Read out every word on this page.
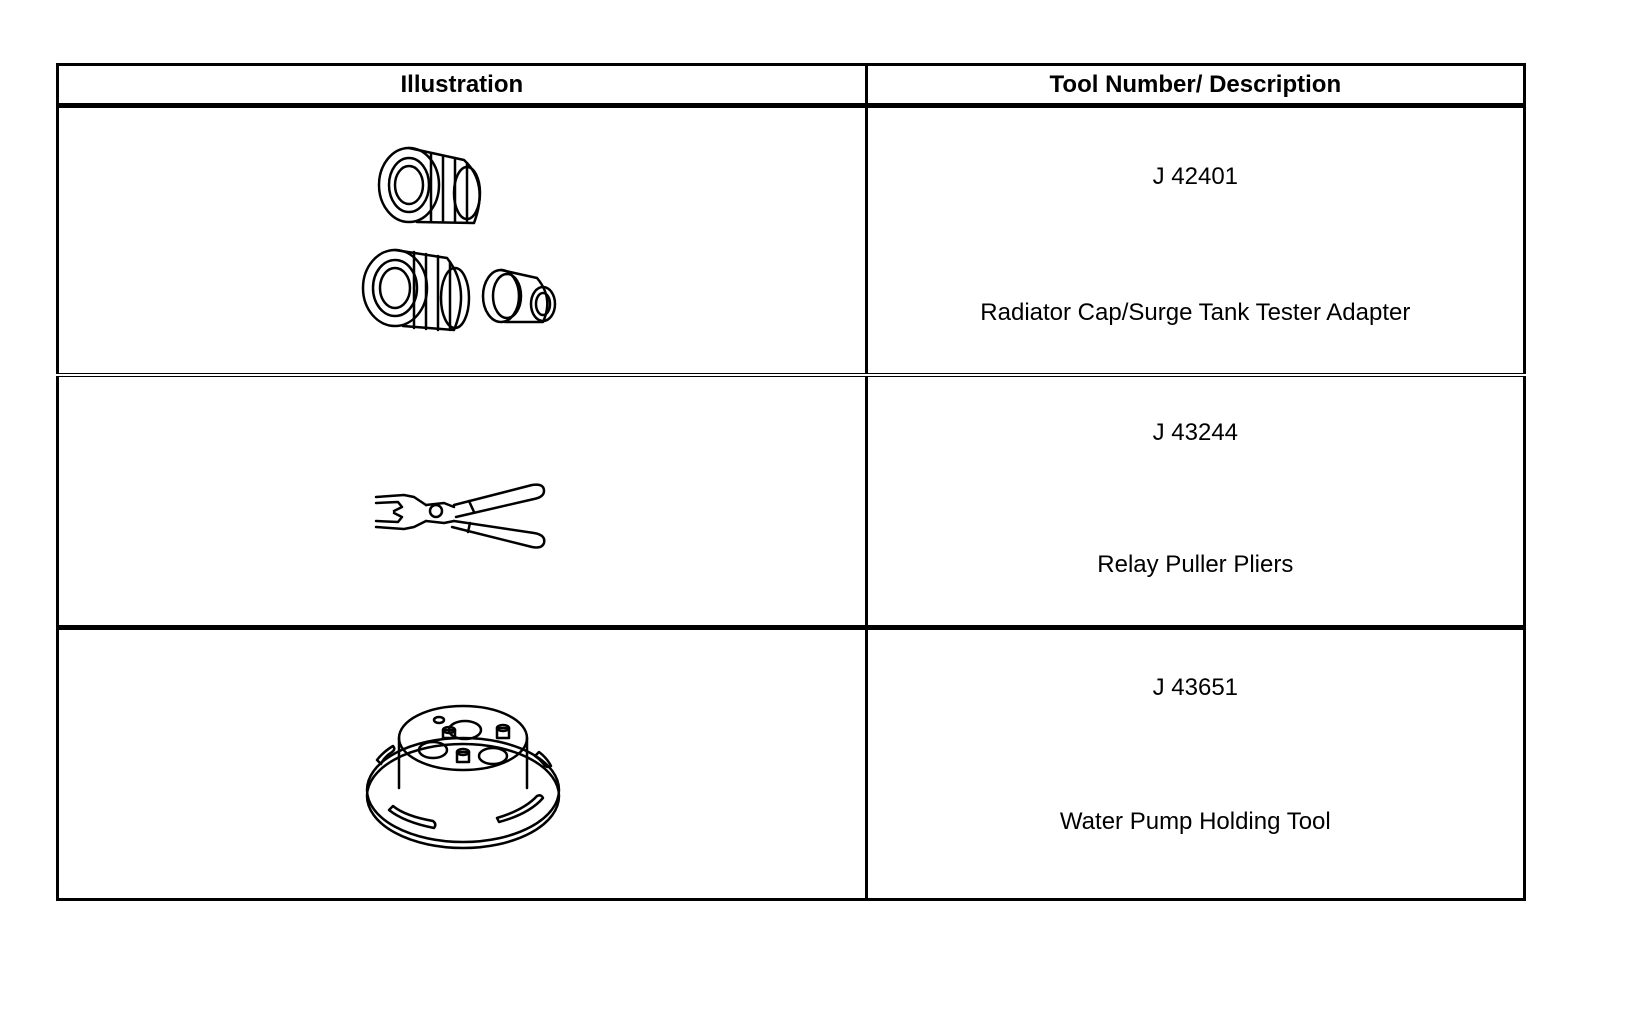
Illustration	Tool Number/ Description

J 42401
Radiator Cap/Surge Tank Tester Adapter

J 43244
Relay Puller Pliers

J 43651
Water Pump Holding Tool
